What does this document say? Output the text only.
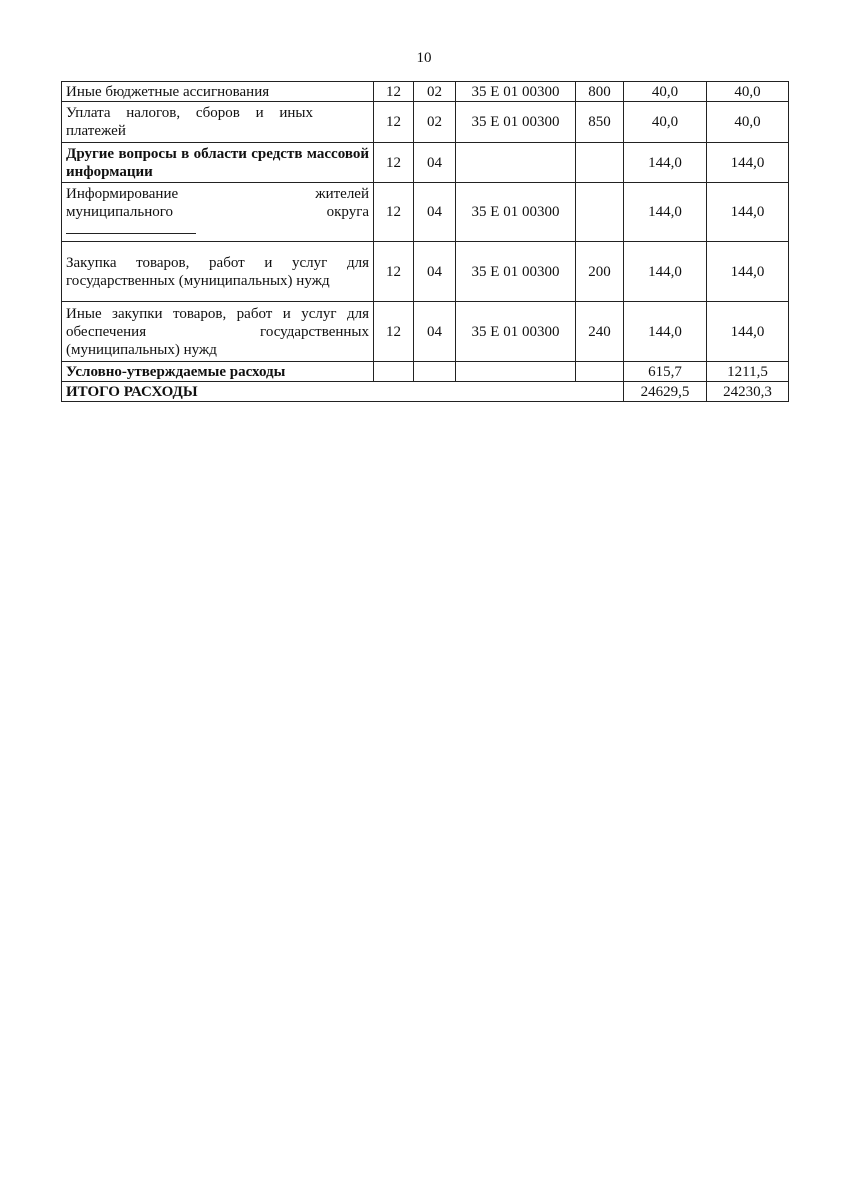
10
Иные бюджетные ассигнования	12	02	35 Е 01 00300	800	40,0	40,0
Уплата налогов, сборов и иных платежей	12	02	35 Е 01 00300	850	40,0	40,0
Другие вопросы в области средств массовой информации	12	04			144,0	144,0

Информирование жителей
муниципального округа	12	04	35 Е 01 00300		144,0	144,0
Закупка товаров, работ и услуг для государственных (муниципальных) нужд	12	04	35 Е 01 00300	200	144,0	144,0
Иные закупки товаров, работ и услуг для обеспечения государственных (муниципальных) нужд	12	04	35 Е 01 00300	240	144,0	144,0
Условно-утверждаемые расходы					615,7	1211,5
ИТОГО РАСХОДЫ					24629,5	24230,3
